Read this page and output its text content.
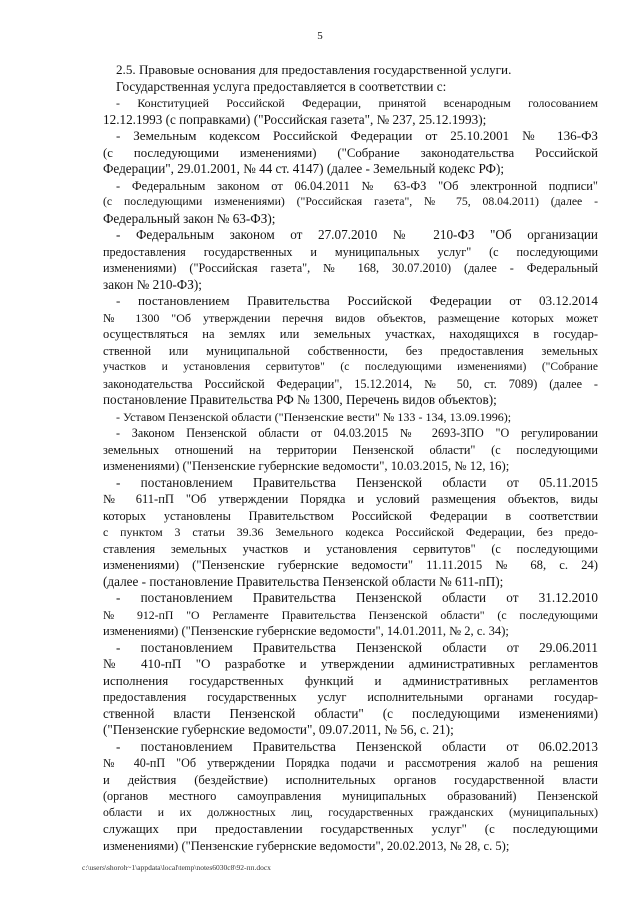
5
2.5. Правовые основания для предоставления государственной услуги.
Государственная услуга предоставляется в соответствии с:
- Конституцией Российской Федерации, принятой всенародным голосованием
12.12.1993 (с поправками) ("Российская газета", № 237, 25.12.1993);
- Земельным кодексом Российской Федерации от 25.10.2001 № 136-ФЗ
(с последующими изменениями) ("Собрание законодательства Российской
Федерации", 29.01.2001, № 44 ст. 4147) (далее - Земельный кодекс РФ);
- Федеральным законом от 06.04.2011 № 63-ФЗ "Об электронной подписи"
(с последующими изменениями) ("Российская газета", № 75, 08.04.2011) (далее -
Федеральный закон № 63-ФЗ);
- Федеральным законом от 27.07.2010 № 210-ФЗ "Об организации
предоставления государственных и муниципальных услуг" (с последующими
изменениями) ("Российская газета", № 168, 30.07.2010) (далее - Федеральный
закон № 210-ФЗ);
- постановлением Правительства Российской Федерации от 03.12.2014
№ 1300 "Об утверждении перечня видов объектов, размещение которых может
осуществляться на землях или земельных участках, находящихся в государ-
ственной или муниципальной собственности, без предоставления земельных
участков и установления сервитутов" (с последующими изменениями) ("Собрание
законодательства Российской Федерации", 15.12.2014, № 50, ст. 7089) (далее -
постановление Правительства РФ № 1300, Перечень видов объектов);
- Уставом Пензенской области ("Пензенские вести" № 133 - 134, 13.09.1996);
- Законом Пензенской области от 04.03.2015 № 2693-ЗПО "О регулировании
земельных отношений на территории Пензенской области" (с последующими
изменениями) ("Пензенские губернские ведомости", 10.03.2015, № 12, 16);
- постановлением Правительства Пензенской области от 05.11.2015
№ 611-пП "Об утверждении Порядка и условий размещения объектов, виды
которых установлены Правительством Российской Федерации в соответствии
с пунктом 3 статьи 39.36 Земельного кодекса Российской Федерации, без предо-
ставления земельных участков и установления сервитутов" (с последующими
изменениями) ("Пензенские губернские ведомости" 11.11.2015 № 68, с. 24)
(далее - постановление Правительства Пензенской области № 611-пП);
- постановлением Правительства Пензенской области от 31.12.2010
№ 912-пП "О Регламенте Правительства Пензенской области" (с последующими
изменениями) ("Пензенские губернские ведомости", 14.01.2011, № 2, с. 34);
- постановлением Правительства Пензенской области от 29.06.2011
№ 410-пП "О разработке и утверждении административных регламентов
исполнения государственных функций и административных регламентов
предоставления государственных услуг исполнительными органами государ-
ственной власти Пензенской области" (с последующими изменениями)
("Пензенские губернские ведомости", 09.07.2011, № 56, с. 21);
- постановлением Правительства Пензенской области от 06.02.2013
№ 40-пП "Об утверждении Порядка подачи и рассмотрения жалоб на решения
и действия (бездействие) исполнительных органов государственной власти
(органов местного самоуправления муниципальных образований) Пензенской
области и их должностных лиц, государственных гражданских (муниципальных)
служащих при предоставлении государственных услуг" (с последующими
изменениями) ("Пензенские губернские ведомости", 20.02.2013, № 28, с. 5);
c:\users\shoroh~1\appdata\local\temp\notes6030c8\92-пп.docx
